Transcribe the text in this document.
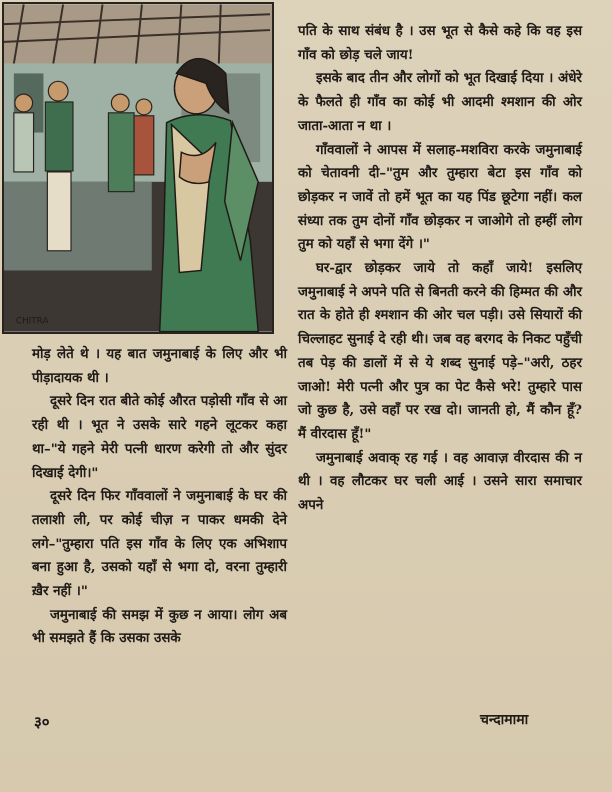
CHITRA

पति के साथ संबंध है । उस भूत से कैसे कहे कि वह इस गाँव को छोड़ चले जाय!

इसके बाद तीन और लोगों को भूत दिखाई दिया । अंधेरे के फैलते ही गाँव का कोई भी आदमी श्मशान की ओर जाता-आता न था ।

गाँववालों ने आपस में सलाह-मशविरा करके जमुनाबाई को चेतावनी दी–"तुम और तुम्हारा बेटा इस गाँव को छोड़कर न जावें तो हमें भूत का यह पिंड छूटेगा नहीं। कल संध्या तक तुम दोनों गाँव छोड़कर न जाओगे तो हम्हीं लोग तुम को यहाँ से भगा देंगे ।"

घर-द्वार छोड़कर जाये तो कहाँ जाये! इसलिए जमुनाबाई ने अपने पति से बिनती करने की हिम्मत की और रात के होते ही श्मशान की ओर चल पड़ी। उसे सियारों की चिल्लाहट सुनाई दे रही थी। जब वह बरगद के निकट पहुँची तब पेड़ की डालों में से ये शब्द सुनाई पड़े–"अरी, ठहर जाओ! मेरी पत्नी और पुत्र का पेट कैसे भरे! तुम्हारे पास जो कुछ है, उसे वहाँ पर रख दो। जानती हो, मैं कौन हूँ? मैं वीरदास हूँ!"

जमुनाबाई अवाक् रह गई । वह आवाज़ वीरदास की न थी । वह लौटकर घर चली आई । उसने सारा समाचार अपने

मोड़ लेते थे । यह बात जमुनाबाई के लिए और भी पीड़ादायक थी ।

दूसरे दिन रात बीते कोई औरत पड़ोसी गाँव से आ रही थी । भूत ने उसके सारे गहने लूटकर कहा था–"ये गहने मेरी पत्नी धारण करेगी तो और सुंदर दिखाई देगी।"

दूसरे दिन फिर गाँववालों ने जमुनाबाई के घर की तलाशी ली, पर कोई चीज़ न पाकर धमकी देने लगे–"तुम्हारा पति इस गाँव के लिए एक अभिशाप बना हुआ है, उसको यहाँ से भगा दो, वरना तुम्हारी ख़ैर नहीं ।"

जमुनाबाई की समझ में कुछ न आया। लोग अब भी समझते हैं कि उसका उसके

३०	चन्दामामा
